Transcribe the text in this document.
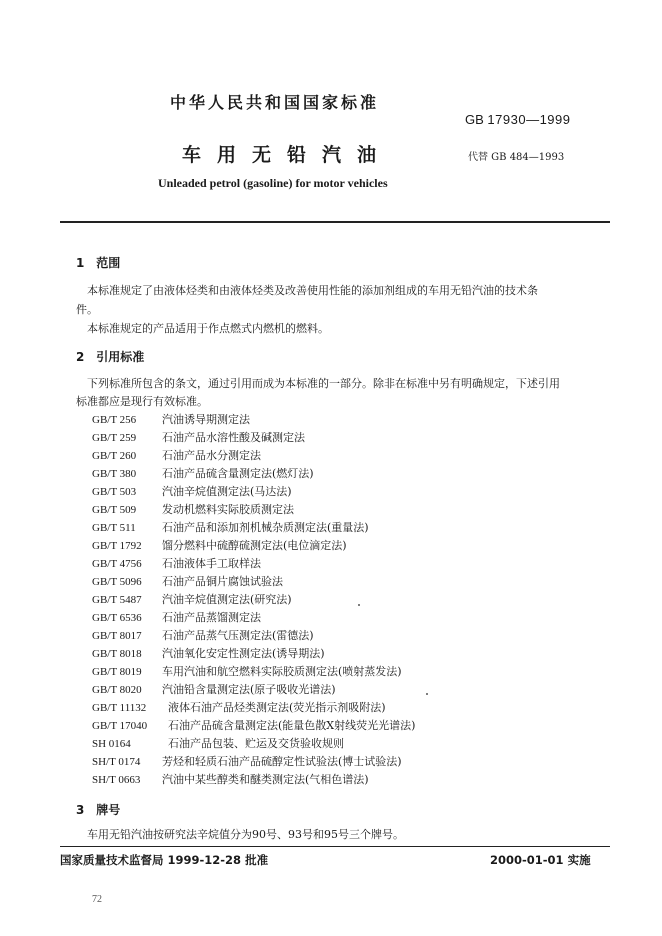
中华人民共和国国家标准
GB 17930—1999
车用无铅汽油	代替 GB 484—1993
Unleaded petrol (gasoline) for motor vehicles
1 范围
本标准规定了由液体烃类和由液体烃类及改善使用性能的添加剂组成的车用无铅汽油的技术条
件。
本标准规定的产品适用于作点燃式内燃机的燃料。
2 引用标准
下列标准所包含的条文，通过引用而成为本标准的一部分。除非在标准中另有明确规定，下述引用
标准都应是现行有效标准。
GB/T 256 汽油诱导期测定法
GB/T 259 石油产品水溶性酸及碱测定法
GB/T 260 石油产品水分测定法
GB/T 380 石油产品硫含量测定法(燃灯法)
GB/T 503 汽油辛烷值测定法(马达法)
GB/T 509 发动机燃料实际胶质测定法
GB/T 511 石油产品和添加剂机械杂质测定法(重量法)
GB/T 1792 馏分燃料中硫醇硫测定法(电位滴定法)
GB/T 4756 石油液体手工取样法
GB/T 5096 石油产品铜片腐蚀试验法
GB/T 5487 汽油辛烷值测定法(研究法)
GB/T 6536 石油产品蒸馏测定法
GB/T 8017 石油产品蒸气压测定法(雷德法)
GB/T 8018 汽油氧化安定性测定法(诱导期法)
GB/T 8019 车用汽油和航空燃料实际胶质测定法(喷射蒸发法)
GB/T 8020 汽油铅含量测定法(原子吸收光谱法)
GB/T 11132 液体石油产品烃类测定法(荧光指示剂吸附法)
GB/T 17040 石油产品硫含量测定法(能量色散X射线荧光光谱法)
SH 0164	石油产品包装、贮运及交货验收规则
SH/T 0174 芳烃和轻质石油产品硫醇定性试验法(博士试验法)
SH/T 0663 汽油中某些醇类和醚类测定法(气相色谱法)
3 牌号
车用无铅汽油按研究法辛烷值分为90号、93号和95号三个牌号。
国家质量技术监督局 1999-12-28 批准	2000-01-01 实施
72
